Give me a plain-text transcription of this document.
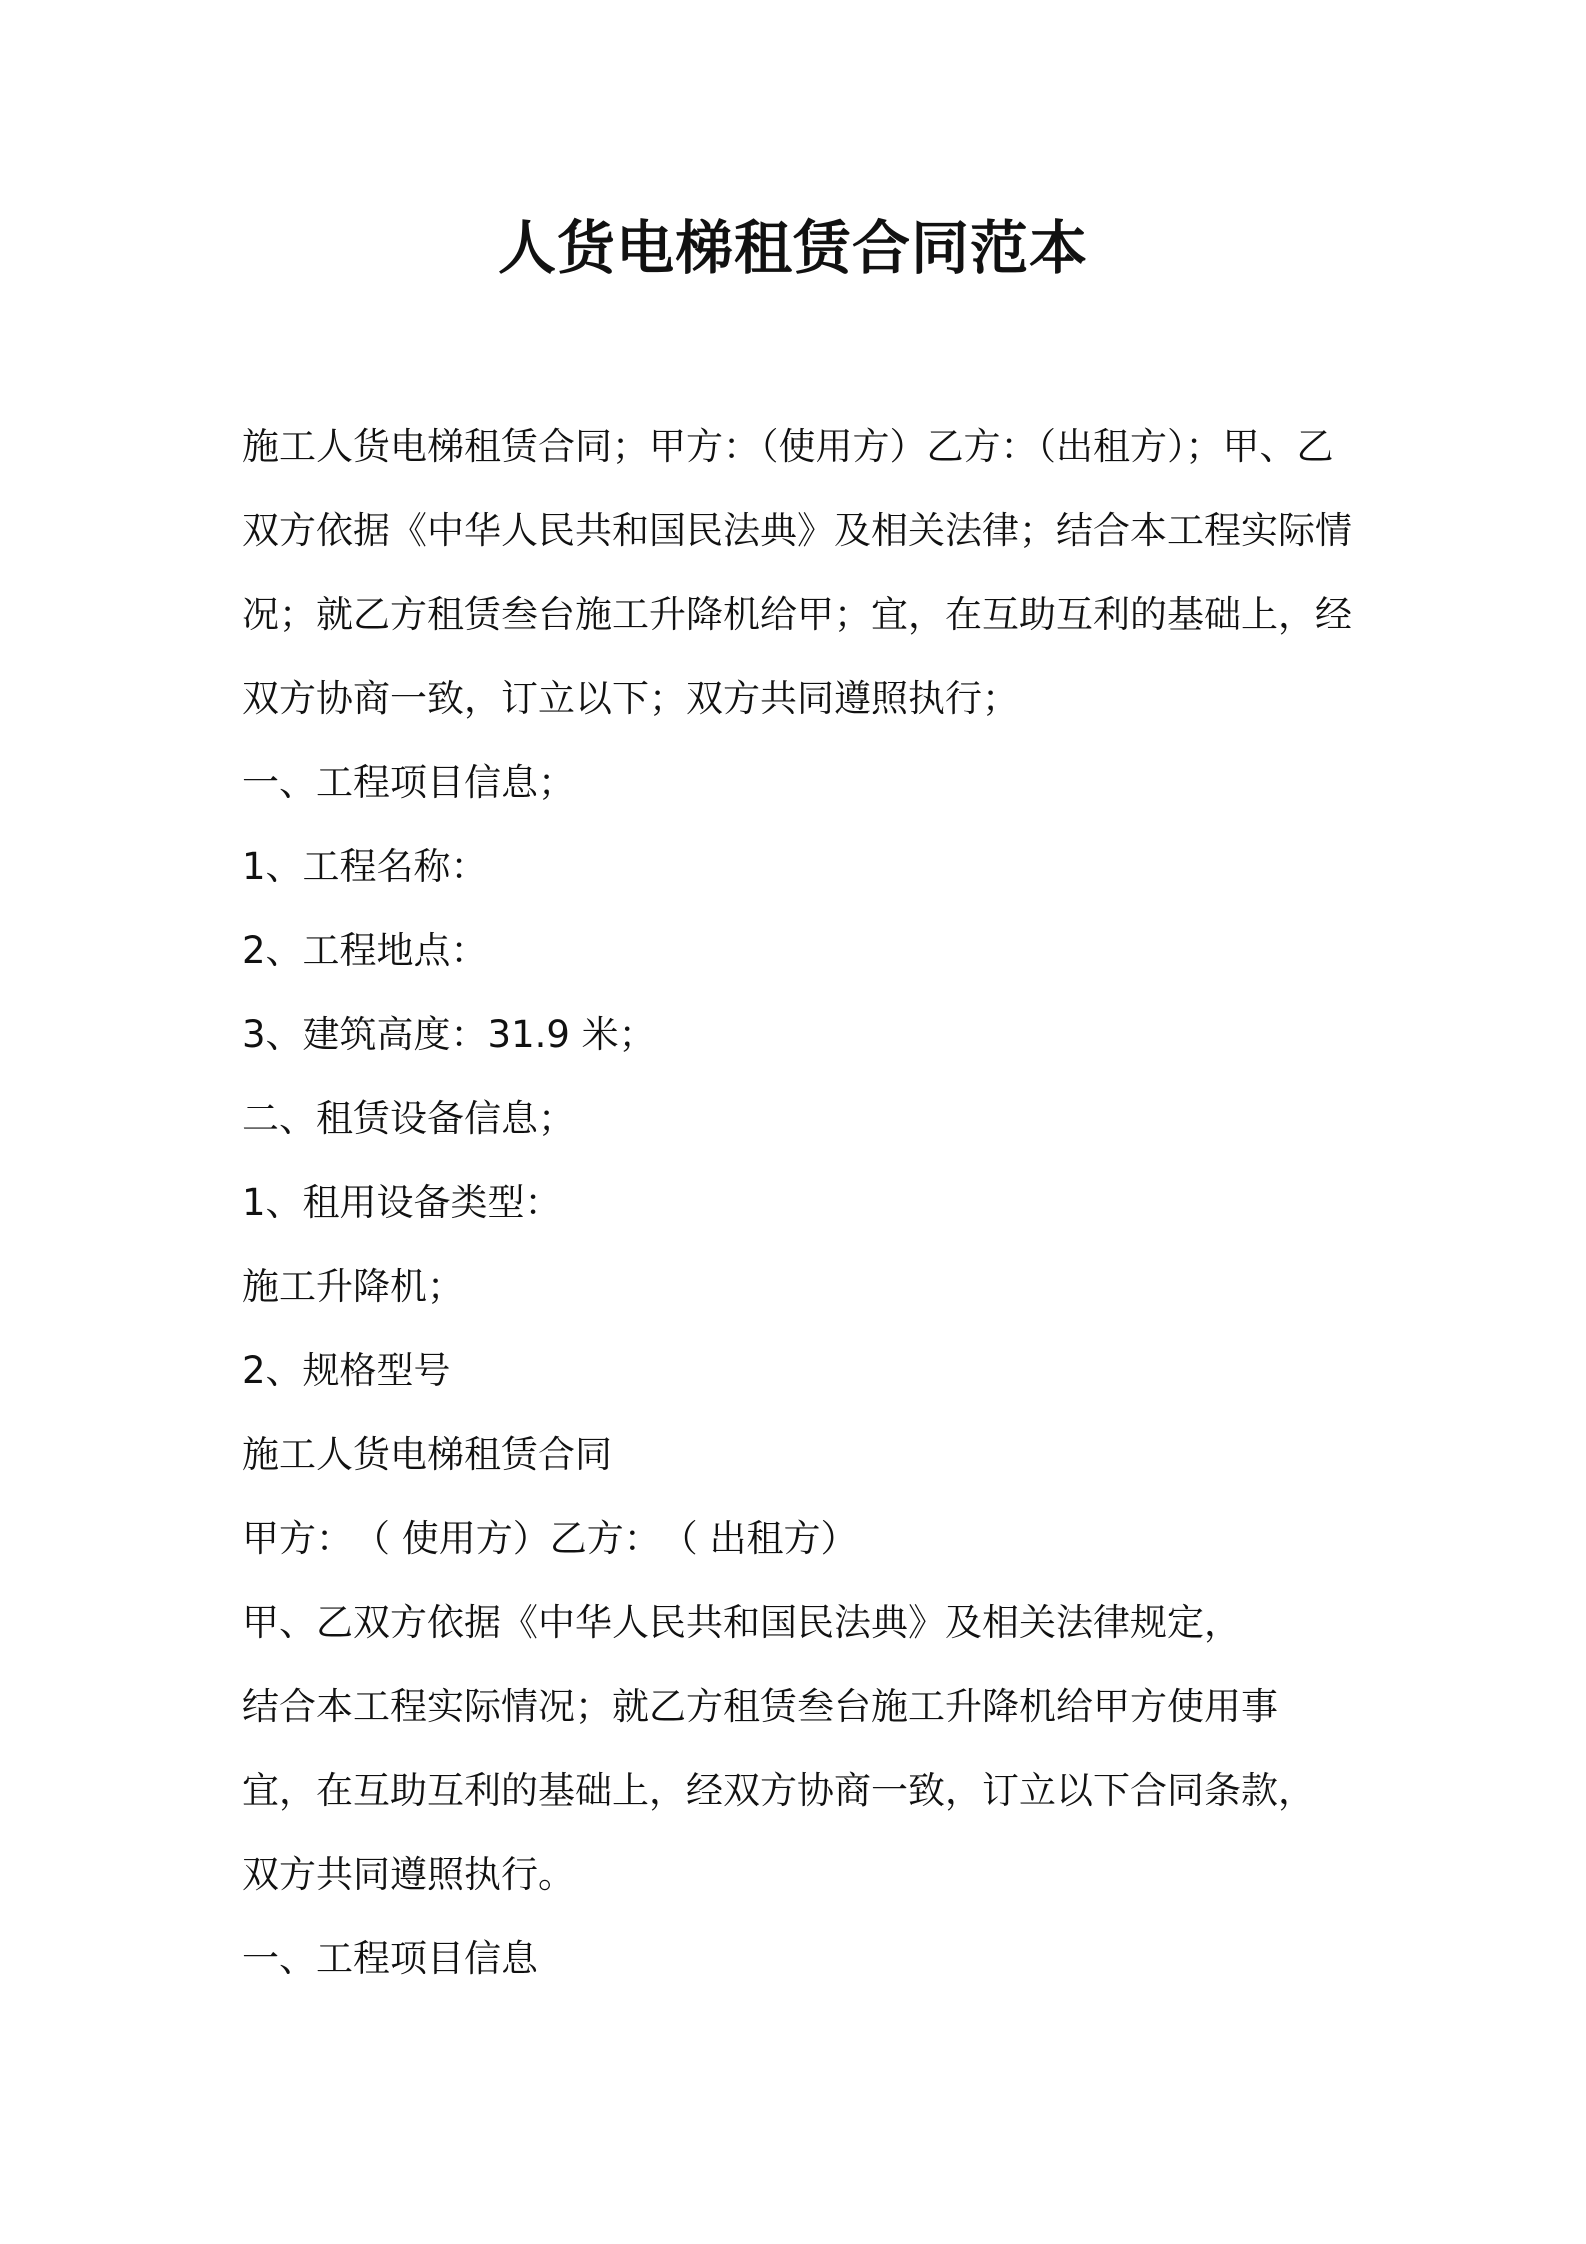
人货电梯租赁合同范本

施工人货电梯租赁合同；甲方：（使用方）乙方：（出租方）；甲、乙

双方依据《中华人民共和国民法典》及相关法律；结合本工程实际情

况；就乙方租赁叁台施工升降机给甲；宜，在互助互利的基础上，经

双方协商一致，订立以下；双方共同遵照执行；

一、工程项目信息；

1、工程名称：

2、工程地点：

3、建筑高度：31.9 米；

二、租赁设备信息；

1、租用设备类型：

施工升降机；

2、规格型号

施工人货电梯租赁合同

甲方：　（ 使用方）乙方：　（ 出租方）

甲、乙双方依据《中华人民共和国民法典》及相关法律规定，

结合本工程实际情况；就乙方租赁叁台施工升降机给甲方使用事

宜，在互助互利的基础上，经双方协商一致，订立以下合同条款，

双方共同遵照执行。

一、工程项目信息
